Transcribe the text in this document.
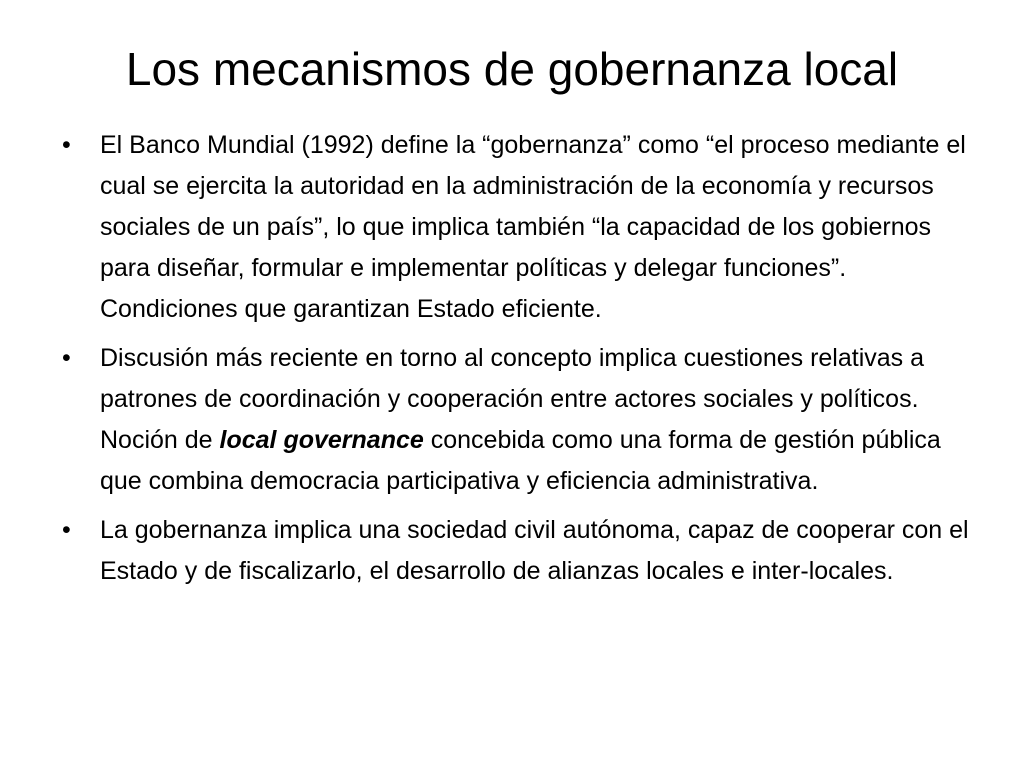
Los mecanismos de gobernanza local
• El Banco Mundial (1992) define la “gobernanza” como “el proceso mediante el cual se ejercita la autoridad en la administración de la economía y recursos sociales de un país”, lo que implica también “la capacidad de los gobiernos para diseñar, formular e implementar políticas y delegar funciones”. Condiciones que garantizan Estado eficiente.
• Discusión más reciente en torno al concepto implica cuestiones relativas a patrones de coordinación y cooperación entre actores sociales y políticos. Noción de local governance concebida como una forma de gestión pública que combina democracia participativa y eficiencia administrativa.
• La gobernanza implica una sociedad civil autónoma, capaz de cooperar con el Estado y de fiscalizarlo, el desarrollo de alianzas locales e inter-locales.
